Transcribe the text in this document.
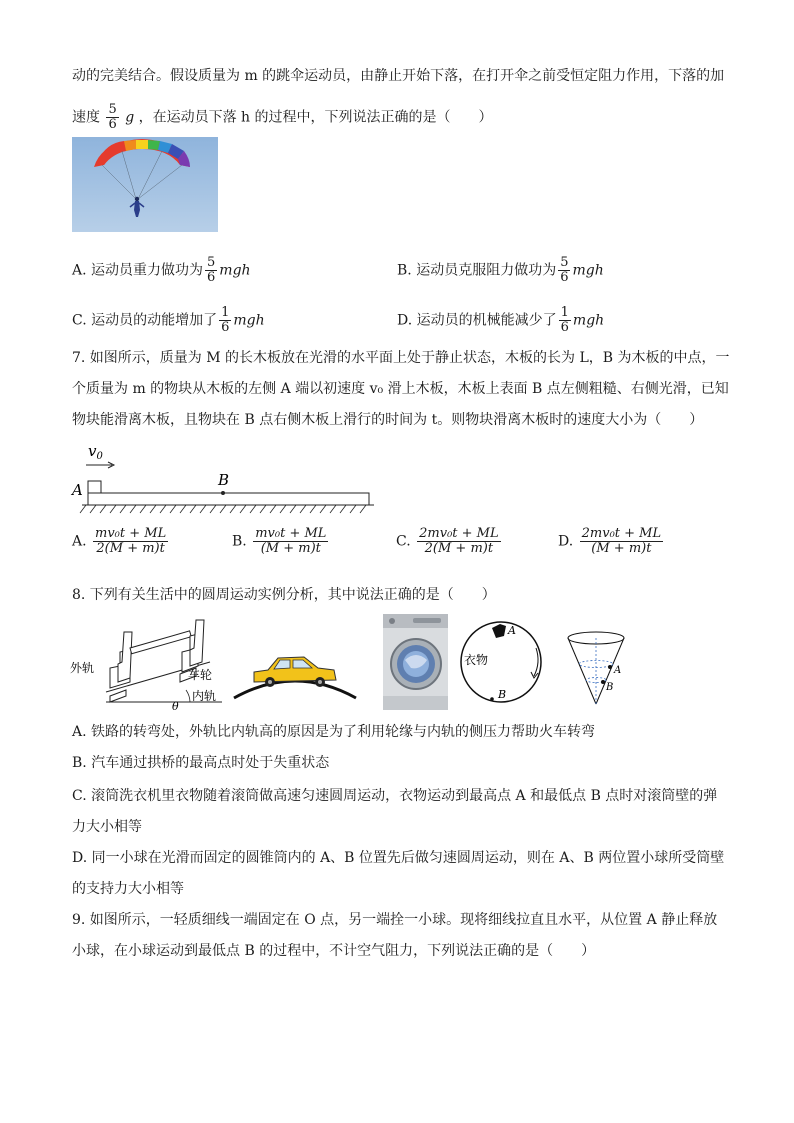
动的完美结合。假设质量为 m 的跳伞运动员，由静止开始下落，在打开伞之前受恒定阻力作用，下落的加
速度 $\frac{5}{6}$ g ，在运动员下落 h 的过程中，下列说法正确的是（　　）
A. 运动员重力做功为 $\frac{5}{6}$ mgh	B. 运动员克服阻力做功为 $\frac{5}{6}$ mgh
C. 运动员的动能增加了 $\frac{1}{6}$ mgh	D. 运动员的机械能减少了 $\frac{1}{6}$ mgh
7. 如图所示，质量为 M 的长木板放在光滑的水平面上处于静止状态，木板的长为 L，B 为木板的中点，一
个质量为 m 的物块从木板的左侧 A 端以初速度 v₀ 滑上木板，木板上表面 B 点左侧粗糙、右侧光滑，已知
物块能滑离木板，且物块在 B 点右侧木板上滑行的时间为 t。则物块滑离木板时的速度大小为（　　）
$v_0$
A
B
A. $\frac{\text{mv₀t + ML}}{2(M + m)t}$	B. $\frac{\text{mv₀t + ML}}{(M + m)t}$	C. $\frac{\text{2mv₀t + ML}}{2(M + m)t}$	D. $\frac{\text{2mv₀t + ML}}{(M + m)t}$
8. 下列有关生活中的圆周运动实例分析，其中说法正确的是（　　）
θ
外轨	车轮
内轨
A
衣物
B
A
B
A. 铁路的转弯处，外轨比内轨高的原因是为了利用轮缘与内轨的侧压力帮助火车转弯
B. 汽车通过拱桥的最高点时处于失重状态
C. 滚筒洗衣机里衣物随着滚筒做高速匀速圆周运动，衣物运动到最高点 A 和最低点 B 点时对滚筒壁的弹
力大小相等
D. 同一小球在光滑而固定的圆锥筒内的 A、B 位置先后做匀速圆周运动，则在 A、B 两位置小球所受筒壁
的支持力大小相等
9. 如图所示，一轻质细线一端固定在 O 点，另一端拴一小球。现将细线拉直且水平，从位置 A 静止释放
小球，在小球运动到最低点 B 的过程中，不计空气阻力，下列说法正确的是（　　）
